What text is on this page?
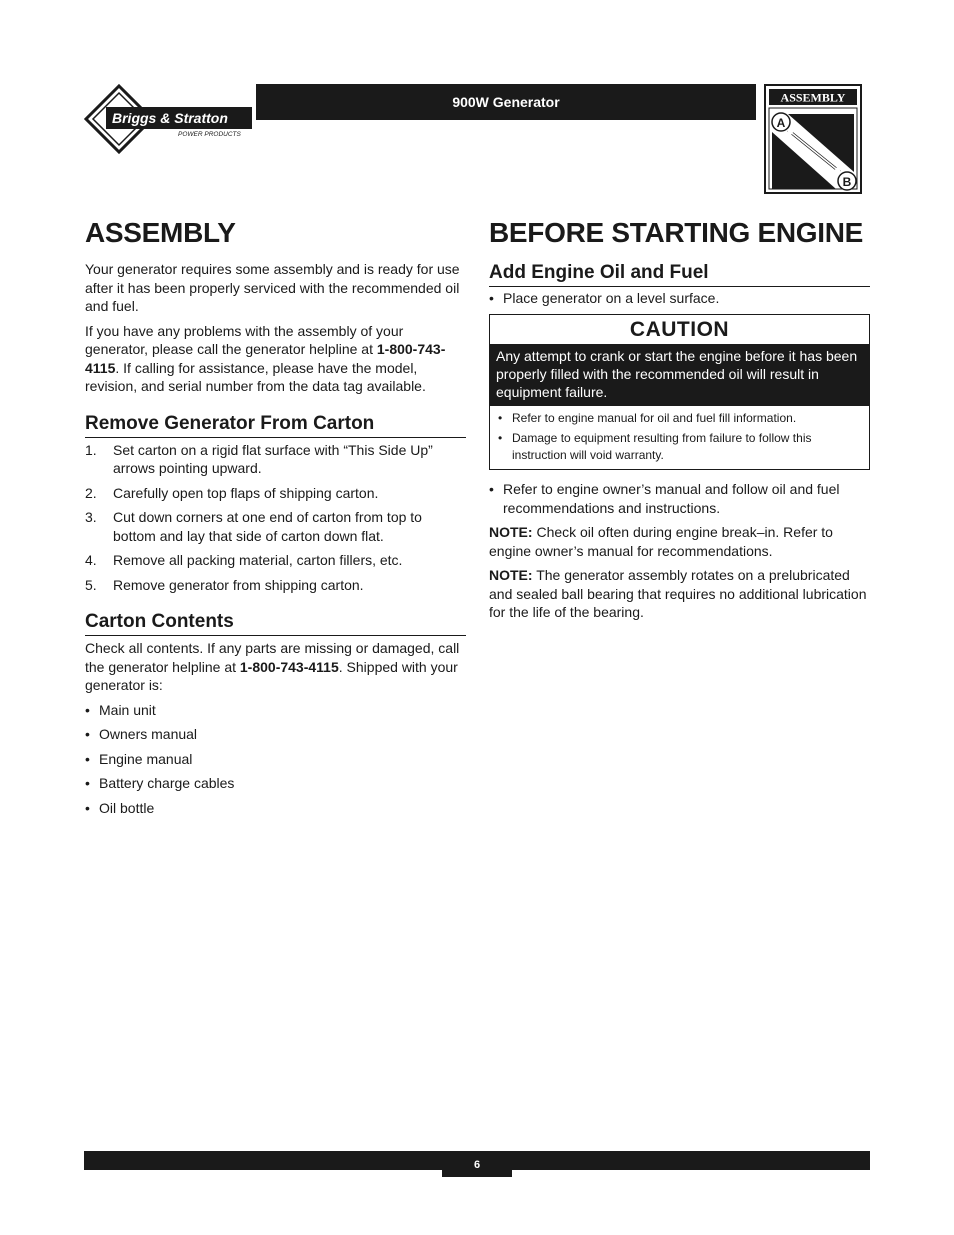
Briggs & Stratton
POWER PRODUCTS
900W Generator	ASSEMBLY
A
B
ASSEMBLY

Your generator requires some assembly and is ready for use after it has been properly serviced with the recommended oil and fuel.

If you have any problems with the assembly of your generator, please call the generator helpline at 1-800-743-4115. If calling for assistance, please have the model, revision, and serial number from the data tag available.

Remove Generator From Carton
1.	Set carton on a rigid flat surface with “This Side Up” arrows pointing upward.
2.	Carefully open top flaps of shipping carton.
3.	Cut down corners at one end of carton from top to bottom and lay that side of carton down flat.
4.	Remove all packing material, carton fillers, etc.
5.	Remove generator from shipping carton.
Carton Contents

Check all contents. If any parts are missing or damaged, call the generator helpline at 1-800-743-4115. Shipped with your generator is:

• Main unit
• Owners manual
• Engine manual
• Battery charge cables
• Oil bottle
BEFORE STARTING ENGINE
Add Engine Oil and Fuel
• Place generator on a level surface.
CAUTION
Any attempt to crank or start the engine before it has been properly filled with the recommended oil will result in equipment failure.
• Refer to engine manual for oil and fuel fill information.
• Damage to equipment resulting from failure to follow this instruction will void warranty.
• Refer to engine owner’s manual and follow oil and fuel recommendations and instructions.

NOTE: Check oil often during engine break–in. Refer to engine owner’s manual for recommendations.

NOTE: The generator assembly rotates on a prelubricated and sealed ball bearing that requires no additional lubrication for the life of the bearing.

6
